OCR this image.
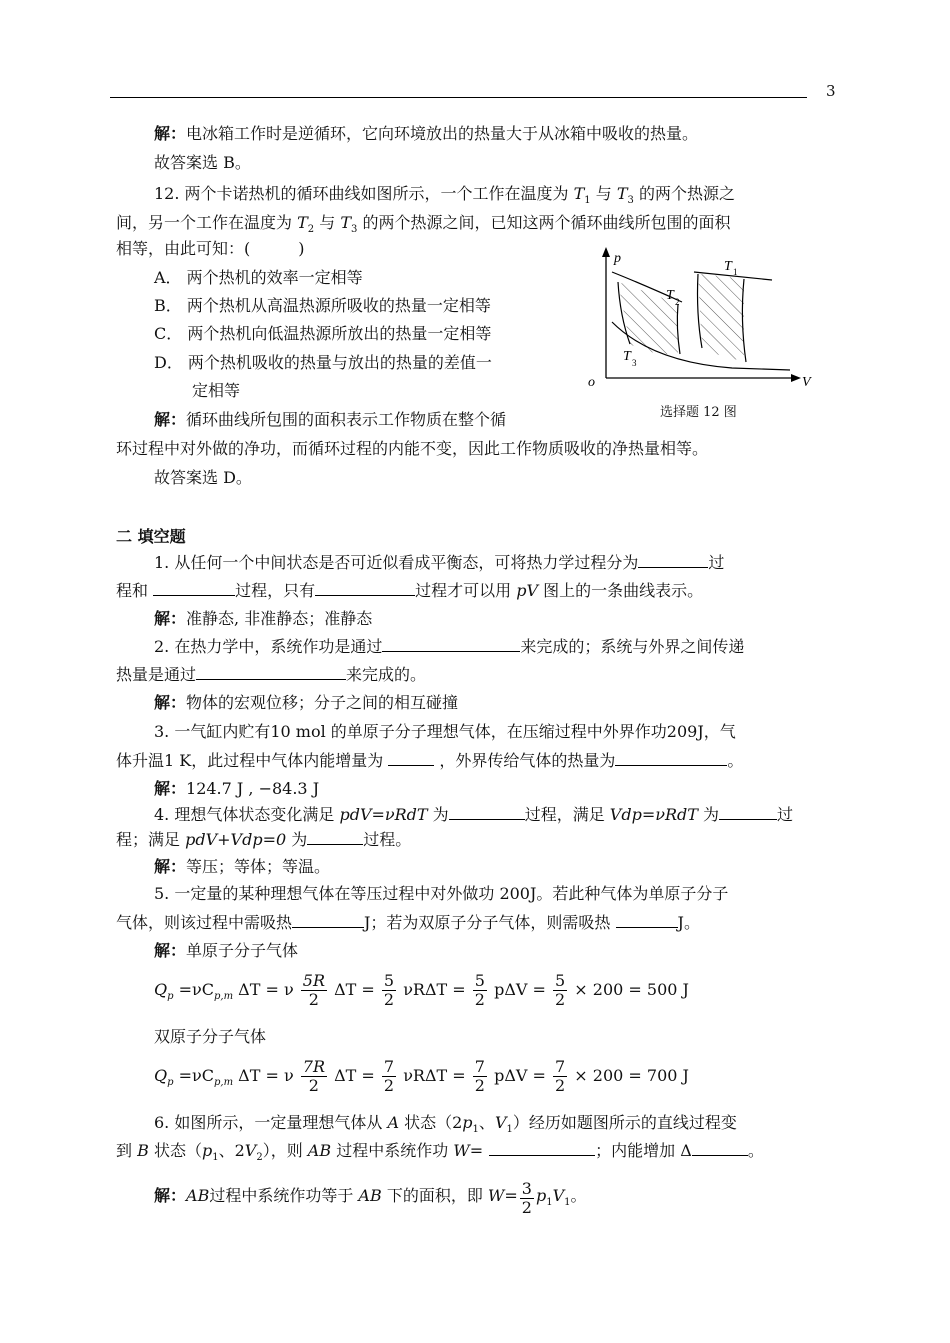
3
解：电冰箱工作时是逆循环，它向环境放出的热量大于从冰箱中吸收的热量。
故答案选 B。
12. 两个卡诺热机的循环曲线如图所示，一个工作在温度为 $T_1$ 与 $T_3$ 的两个热源之
间，另一个工作在温度为 $T_2$ 与 $T_3$ 的两个热源之间，已知这两个循环曲线所包围的面积
相等，由此可知：(　　　)
A． 两个热机的效率一定相等
B． 两个热机从高温热源所吸收的热量一定相等
C． 两个热机向低温热源所放出的热量一定相等
D． 两个热机吸收的热量与放出的热量的差值一
定相等
p
V
o
T 1
T 2
T 3
选择题 12 图
解：循环曲线所包围的面积表示工作物质在整个循
环过程中对外做的净功，而循环过程的内能不变，因此工作物质吸收的净热量相等。
故答案选 D。
二 填空题
1. 从任何一个中间状态是否可近似看成平衡态，可将热力学过程分为	过
程和	过程，只有	过程才可以用 pV 图上的一条曲线表示。
解：准静态, 非准静态；准静态
2. 在热力学中，系统作功是通过	来完成的；系统与外界之间传递
热量是通过	来完成的。
解：物体的宏观位移；分子之间的相互碰撞
3. 一气缸内贮有10 mol 的单原子分子理想气体，在压缩过程中外界作功209J，气
体升温1 K，此过程中气体内能增量为	，外界传给气体的热量为	。
解：124.7 J , −84.3 J
4. 理想气体状态变化满足 pdV=νRdT 为	过程，满足 Vdp=νRdT 为	过
程；满足 pdV+Vdp=0 为	过程。
解：等压；等体；等温。
5. 一定量的某种理想气体在等压过程中对外做功 200J。若此种气体为单原子分子
气体，则该过程中需吸热	J；若为双原子分子气体，则需吸热	J。
解：单原子分子气体
$Q_p =\nu C_{p,m}$ ΔT = ν $\frac{5R}{2}$ $\Delta T = \frac{5}{2}$ $\nu R\Delta T = \frac{5}{2}$ $p\Delta V = \frac{5}{2} \times 200 = 500$ J
双原子分子气体
$Q_p =\nu C_{p,m}$ ΔT = ν $\frac{7R}{2}$ $\Delta T = \frac{7}{2}$ $\nu R\Delta T = \frac{7}{2}$ $p\Delta V = \frac{7}{2} \times 200 = 700$ J
6. 如图所示，一定量理想气体从 A 状态（$2p_1$、$V_1$）经历如题图所示的直线过程变
到 B 状态（$p_1$、$2V_2$），则 AB 过程中系统作功 W=	；内能增加 Δ	。
解：AB过程中系统作功等于 AB 下的面积，即 $W= \frac{3}{2} p_1V_1$。
